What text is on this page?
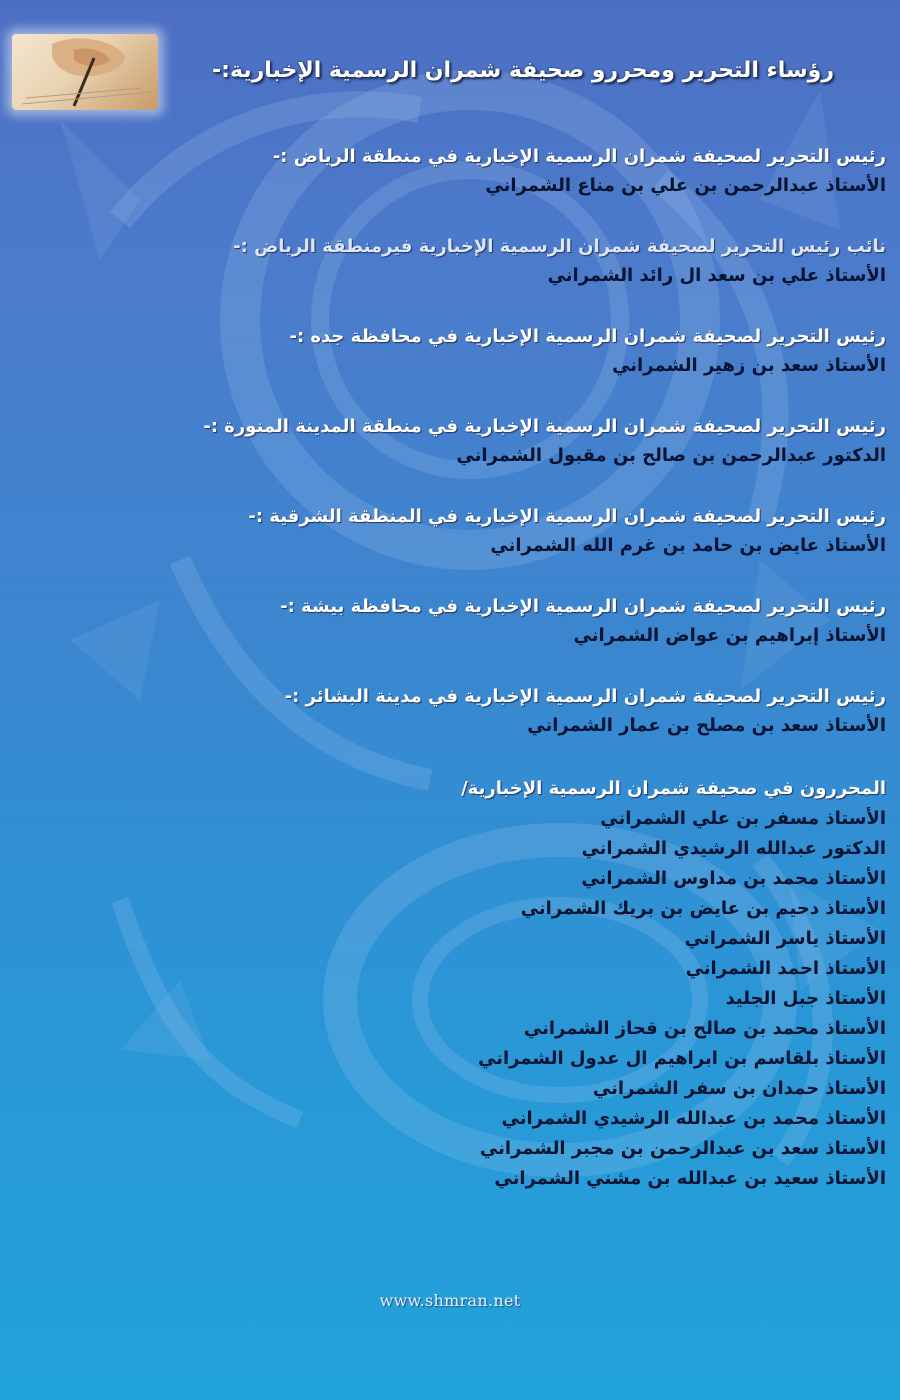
رؤساء التحرير ومحررو صحيفة شمران الرسمية الإخبارية:-
رئيس التحرير لصحيفة شمران الرسمية الإخبارية في منطقة الرياض :-
الأستاذ عبدالرحمن بن علي بن مناع الشمراني
نائب رئيس التحرير لصحيفة شمران الرسمية الإخبارية فيرمنطقة الرياض :-
الأستاذ علي بن سعد ال رائد الشمراني
رئيس التحرير لصحيفة شمران الرسمية الإخبارية في محافظة جده :-
الأستاذ سعد بن زهير الشمراني
رئيس التحرير لصحيفة شمران الرسمية الإخبارية في منطقة المدينة المنورة :-
الدكتور عبدالرحمن بن صالح بن مقبول الشمراني
رئيس التحرير لصحيفة شمران الرسمية الإخبارية في المنطقة الشرقية :-
الأستاذ عايض بن حامد بن غرم الله الشمراني
رئيس التحرير لصحيفة شمران الرسمية الإخبارية في محافظة بيشة :-
الأستاذ إبراهيم بن عواض الشمراني
رئيس التحرير لصحيفة شمران الرسمية الإخبارية في مدينة البشائر :-
الأستاذ سعد بن مصلح بن عمار الشمراني
المحررون في صحيفة شمران الرسمية الإخبارية/
الأستاذ مسفر بن علي الشمراني
الدكتور عبدالله الرشيدي الشمراني
الأستاذ محمد بن مداوس الشمراني
الأستاذ دحيم بن عايض بن بريك الشمراني
الأستاذ ياسر الشمراني
الأستاذ احمد الشمراني
الأستاذ جبل الجليد
الأستاذ محمد بن صالح بن قحاز الشمراني
الأستاذ بلقاسم بن ابراهيم ال عدول الشمراني
الأستاذ حمدان بن سفر الشمراني
الأستاذ محمد بن عبدالله الرشيدي الشمراني
الأستاذ سعد بن عبدالرحمن بن مجبر الشمراني
الأستاذ سعيد بن عبدالله بن مشني الشمراني
www.shmran.net
